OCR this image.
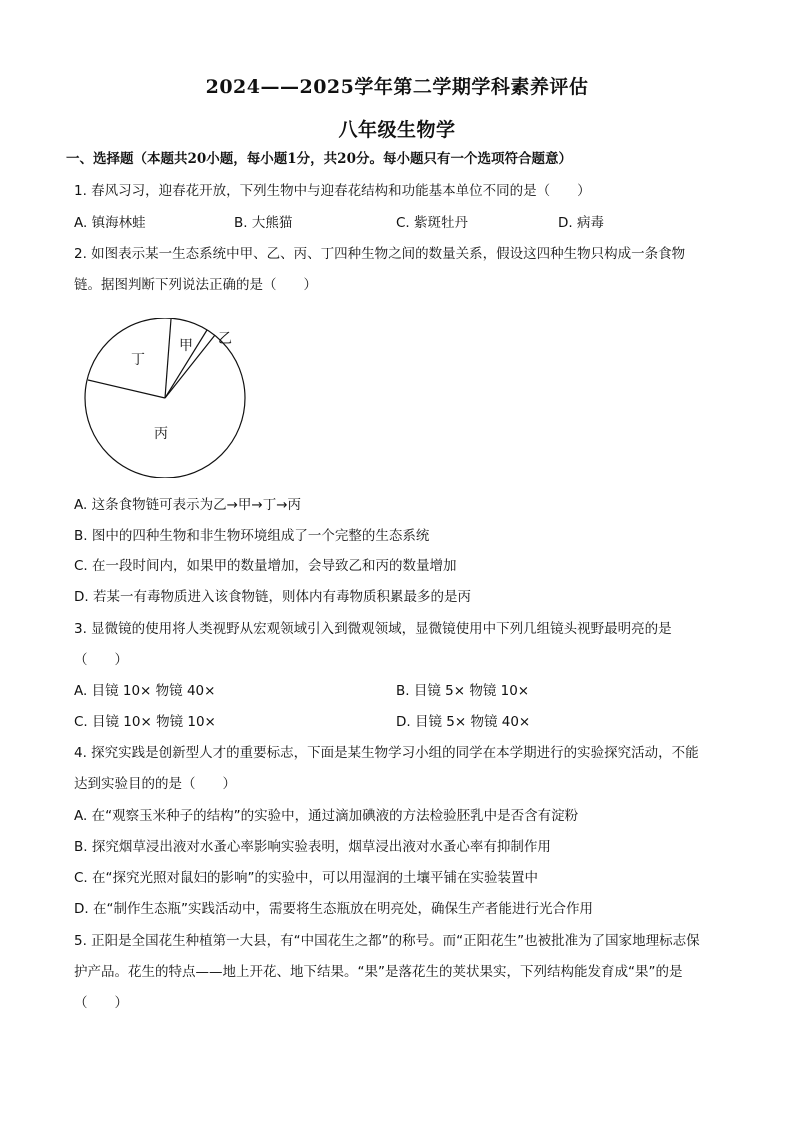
2024——2025学年第二学期学科素养评估
八年级生物学
一、选择题（本题共20小题，每小题1分，共20分。每小题只有一个选项符合题意）
1. 春风习习，迎春花开放，下列生物中与迎春花结构和功能基本单位不同的是（　　）
A. 镇海林蛙	B. 大熊猫	C. 紫斑牡丹	D. 病毒
2. 如图表示某一生态系统中甲、乙、丙、丁四种生物之间的数量关系，假设这四种生物只构成一条食物
链。据图判断下列说法正确的是（　　）
丁
甲 乙
丙
A. 这条食物链可表示为乙→甲→丁→丙
B. 图中的四种生物和非生物环境组成了一个完整的生态系统
C. 在一段时间内，如果甲的数量增加，会导致乙和丙的数量增加
D. 若某一有毒物质进入该食物链，则体内有毒物质积累最多的是丙
3. 显微镜的使用将人类视野从宏观领域引入到微观领域，显微镜使用中下列几组镜头视野最明亮的是
（　　）
A. 目镜 10× 物镜 40×	B. 目镜 5× 物镜 10×
C. 目镜 10× 物镜 10×	D. 目镜 5× 物镜 40×
4. 探究实践是创新型人才的重要标志，下面是某生物学习小组的同学在本学期进行的实验探究活动，不能
达到实验目的的是（　　）
A. 在“观察玉米种子的结构”的实验中，通过滴加碘液的方法检验胚乳中是否含有淀粉
B. 探究烟草浸出液对水蚤心率影响实验表明，烟草浸出液对水蚤心率有抑制作用
C. 在“探究光照对鼠妇的影响”的实验中，可以用湿润的土壤平铺在实验装置中
D. 在“制作生态瓶”实践活动中，需要将生态瓶放在明亮处，确保生产者能进行光合作用
5. 正阳是全国花生种植第一大县，有“中国花生之都”的称号。而“正阳花生”也被批准为了国家地理标志保
护产品。花生的特点——地上开花、地下结果。“果”是落花生的荚状果实，下列结构能发育成“果”的是
（　　）
